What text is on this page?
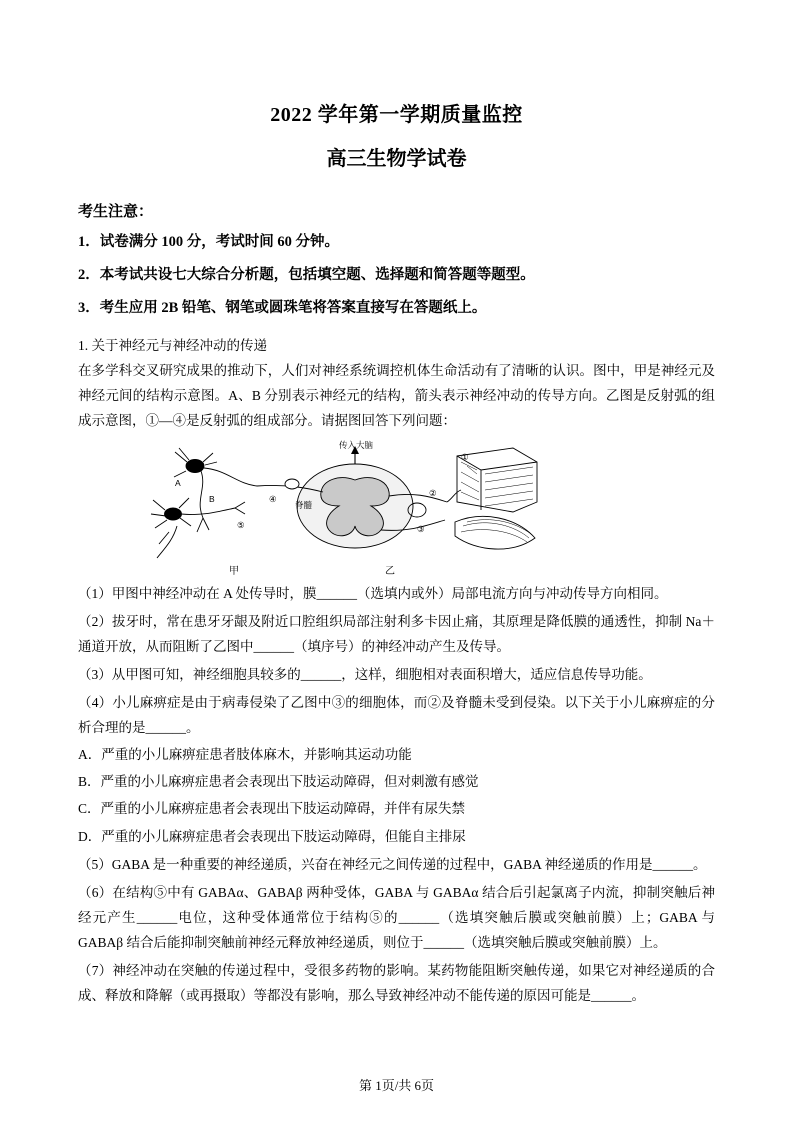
2022 学年第一学期质量监控
高三生物学试卷
考生注意：
1．试卷满分 100 分，考试时间 60 分钟。
2．本考试共设七大综合分析题，包括填空题、选择题和简答题等题型。
3．考生应用 2B 铅笔、钢笔或圆珠笔将答案直接写在答题纸上。
1. 关于神经元与神经冲动的传递
在多学科交叉研究成果的推动下，人们对神经系统调控机体生命活动有了清晰的认识。图中，甲是神经元及神经元间的结构示意图。A、B 分别表示神经元的结构，箭头表示神经冲动的传导方向。乙图是反射弧的组成示意图，①—④是反射弧的组成部分。请据图回答下列问题：
传入大脑
脊髓
A
B
①
②
③
④
⑤
甲	乙
（1）甲图中神经冲动在 A 处传导时，膜______（选填内或外）局部电流方向与冲动传导方向相同。
（2）拔牙时，常在患牙牙龈及附近口腔组织局部注射利多卡因止痛，其原理是降低膜的通透性，抑制 Na＋通道开放，从而阻断了乙图中______（填序号）的神经冲动产生及传导。
（3）从甲图可知，神经细胞具较多的______，这样，细胞相对表面积增大，适应信息传导功能。
（4）小儿麻痹症是由于病毒侵染了乙图中③的细胞体，而②及脊髓未受到侵染。以下关于小儿麻痹症的分析合理的是______。
A．严重的小儿麻痹症患者肢体麻木，并影响其运动功能
B．严重的小儿麻痹症患者会表现出下肢运动障碍，但对刺激有感觉
C．严重的小儿麻痹症患者会表现出下肢运动障碍，并伴有尿失禁
D．严重的小儿麻痹症患者会表现出下肢运动障碍，但能自主排尿
（5）GABA 是一种重要的神经递质，兴奋在神经元之间传递的过程中，GABA 神经递质的作用是______。
（6）在结构⑤中有 GABAα、GABAβ 两种受体，GABA 与 GABAα 结合后引起氯离子内流，抑制突触后神经元产生______电位，这种受体通常位于结构⑤的______（选填突触后膜或突触前膜）上；GABA 与 GABAβ 结合后能抑制突触前神经元释放神经递质，则位于______（选填突触后膜或突触前膜）上。
（7）神经冲动在突触的传递过程中，受很多药物的影响。某药物能阻断突触传递，如果它对神经递质的合成、释放和降解（或再摄取）等都没有影响，那么导致神经冲动不能传递的原因可能是______。
第 1页/共 6页
